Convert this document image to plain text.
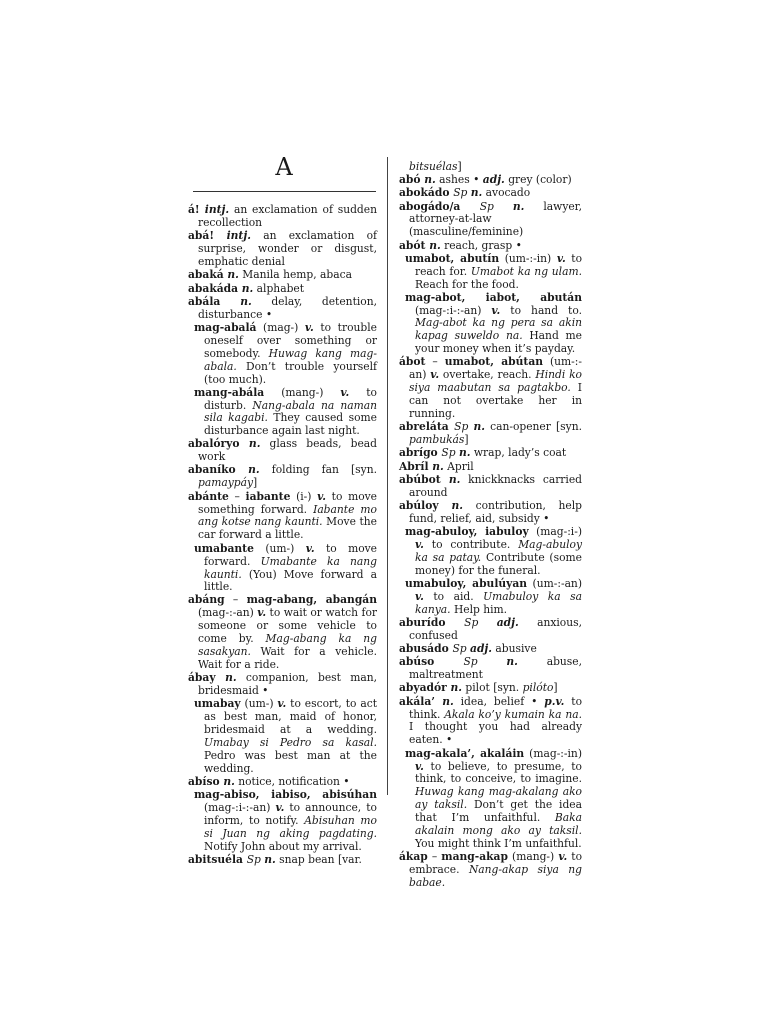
A

á! intj. an exclamation of sudden recollection

abá! intj. an exclamation of surprise, wonder or disgust, emphatic denial

abaká n. Manila hemp, abaca

abakáda n. alphabet

abála n. delay, detention, disturbance •

mag-abalá (mag-) v. to trouble oneself over something or somebody. Huwag kang mag-abala. Don’t trouble yourself (too much).

mang-abála (mang-) v. to disturb. Nang-abala na naman sila kagabi. They caused some disturbance again last night.

abalóryo n. glass beads, bead work

abaníko n. folding fan [syn. pamaypáy]

abánte – iabante (i-) v. to move something forward. Iabante mo ang kotse nang kaunti. Move the car forward a little.

umabante (um-) v. to move forward. Umabante ka nang kaunti. (You) Move forward a little.

abáng – mag-abang, abangán (mag-:-an) v. to wait or watch for someone or some vehicle to come by. Mag-abang ka ng sasakyan. Wait for a vehicle. Wait for a ride.

ábay n. companion, best man, bridesmaid •

umabay (um-) v. to escort, to act as best man, maid of honor, bridesmaid at a wedding. Umabay si Pedro sa kasal. Pedro was best man at the wedding.

abíso n. notice, notification •

mag-abiso, iabiso, abisúhan (mag-:i-:-an) v. to announce, to inform, to notify. Abisuhan mo si Juan ng aking pagdating. Notify John about my arrival.

abitsuéla Sp n. snap bean [var.

bitsuélas]

abó n. ashes • adj. grey (color)

abokádo Sp n. avocado

abogádo/a Sp n. lawyer, attorney-at-law (masculine/feminine)

abót n. reach, grasp •

umabot, abutín (um-:-in) v. to reach for. Umabot ka ng ulam. Reach for the food.

mag-abot, iabot, abután (mag-:i-:-an) v. to hand to. Mag-abot ka ng pera sa akin kapag suweldo na. Hand me your money when it’s payday.

ábot – umabot, abútan (um-:-an) v. overtake, reach. Hindi ko siya maabutan sa pagtakbo. I can not overtake her in running.

abreláta Sp n. can-opener [syn. pambukás]

abrígo Sp n. wrap, lady’s coat

Abríl n. April

abúbot n. knickknacks carried around

abúloy n. contribution, help fund, relief, aid, subsidy •

mag-abuloy, iabuloy (mag-:i-) v. to contribute. Mag-abuloy ka sa patay. Contribute (some money) for the funeral.

umabuloy, abulúyan (um-:-an) v. to aid. Umabuloy ka sa kanya. Help him.

aburído Sp adj. anxious, confused

abusádo Sp adj. abusive

abúso Sp	n. abuse, maltreatment

abyadór n. pilot [syn. pilóto]

akála’ n. idea, belief • p.v. to think. Akala ko’y kumain ka na. I thought you had already eaten. •

mag-akala’, akaláin (mag-:-in) v. to believe, to presume, to think, to conceive, to imagine. Huwag kang mag-akalang ako ay taksil. Don’t get the idea that I’m unfaithful. Baka akalain mong ako ay taksil. You might think I’m unfaithful.

ákap – mang-akap (mang-) v. to embrace. Nang-akap siya ng babae.
